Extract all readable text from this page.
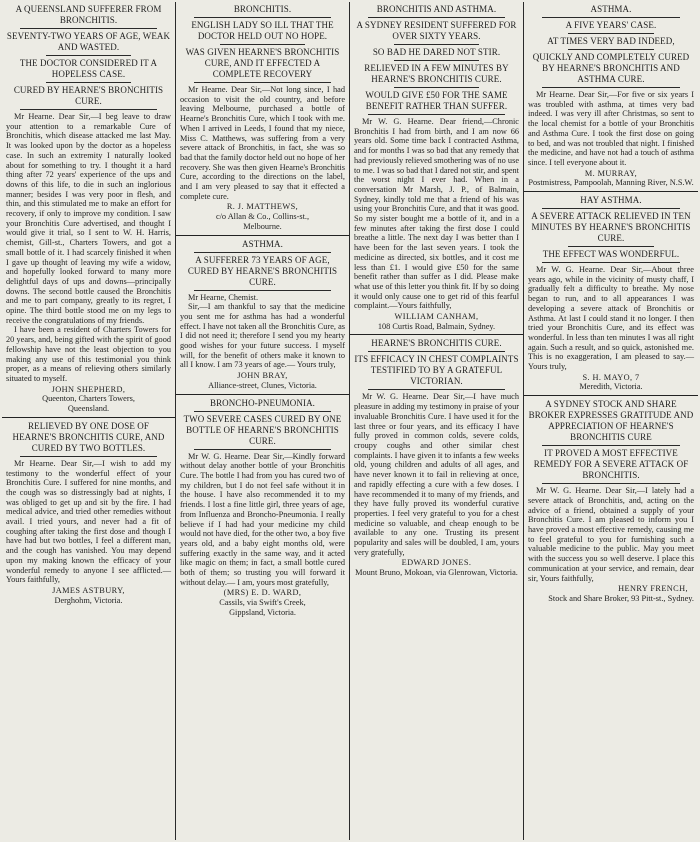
A QUEENSLAND SUFFERER FROM BRONCHITIS.
SEVENTY-TWO YEARS OF AGE, WEAK AND WASTED.
THE DOCTOR CONSIDERED IT A HOPELESS CASE.
CURED BY HEARNE'S BRONCHITIS CURE.

Mr Hearne. Dear Sir,—I beg leave to draw your attention to a remarkable Cure of Bronchitis, which disease attacked me last May. It was looked upon by the doctor as a hopeless case. In such an extremity I naturally looked about for something to try. I thought it a hard thing after 72 years' experience of the ups and downs of this life, to die in such an inglorious manner; besides I was very poor in flesh, and thin, and this stimulated me to make an effort for recovery, if only to improve my condition. I saw your Bronchitis Cure advertised, and thought I would give it trial, so I sent to W. H. Harris, chemist, Gill-st., Charters Towers, and got a small bottle of it. I had scarcely finished it when I gave up thought of leaving my wife a widow, and hopefully looked forward to many more delightful days of ups and downs—principally downs. The second bottle caused the Bronchitis and me to part company, greatly to its regret, I opine. The third bottle stood me on my legs to receive the congratulations of my friends.

I have been a resident of Charters Towers for 20 years, and, being gifted with the spirit of good fellowship have not the least objection to you making any use of this testimonial you think proper, as a means of relieving others similarly situated to myself.

JOHN SHEPHERD,
Queenton, Charters Towers,
Queensland.
RELIEVED BY ONE DOSE OF HEARNE'S BRONCHITIS CURE, AND CURED BY TWO BOTTLES.

Mr Hearne. Dear Sir,—I wish to add my testimony to the wonderful effect of your Bronchitis Cure. I suffered for nine months, and the cough was so distressingly bad at nights, I was obliged to get up and sit by the fire. I had medical advice, and tried other remedies without avail. I tried yours, and never had a fit of coughing after taking the first dose and though I have had but two bottles, I feel a different man, and the cough has vanished. You may depend upon my making known the efficacy of your wonderful remedy to anyone I see afflicted.— Yours faithfully,

JAMES ASTBURY,
Derghohm, Victoria.
BRONCHITIS.
ENGLISH LADY SO ILL THAT THE DOCTOR HELD OUT NO HOPE.
WAS GIVEN HEARNE'S BRONCHITIS CURE, AND IT EFFECTED A COMPLETE RECOVERY

Mr Hearne. Dear Sir,—Not long since, I had occasion to visit the old country, and before leaving Melbourne, purchased a bottle of Hearne's Bronchitis Cure, which I took with me. When I arrived in Leeds, I found that my niece, Miss C. Matthews, was suffering from a very severe attack of Bronchitis, in fact, she was so bad that the family doctor held out no hope of her recovery. She was then given Hearne's Bronchitis Cure, according to the directions on the label, and I am very pleased to say that it effected a complete cure.

R. J. MATTHEWS,
c/o Allan & Co., Collins-st.,
Melbourne.
ASTHMA.
A SUFFERER 73 YEARS OF AGE, CURED BY HEARNE'S BRONCHITIS CURE.

Mr Hearne, Chemist.

Sir,—I am thankful to say that the medicine you sent me for asthma has had a wonderful effect. I have not taken all the Bronchitis Cure, as I did not need it; therefore I send you my hearty good wishes for your future success. I myself will, for the benefit of others make it known to all I know. I am 73 years of age.— Yours truly,

JOHN BRAY,
Alliance-street, Clunes, Victoria.
BRONCHO-PNEUMONIA.
TWO SEVERE CASES CURED BY ONE BOTTLE OF HEARNE'S BRONCHITIS CURE.

Mr W. G. Hearne. Dear Sir,—Kindly forward without delay another bottle of your Bronchitis Cure. The bottle I had from you has cured two of my children, but I do not feel safe without it in the house. I have also recommended it to my friends. I lost a fine little girl, three years of age, from Influenza and Broncho-Pneumonia. I really believe if I had had your medicine my child would not have died, for the other two, a boy five years old, and a baby eight months old, were suffering exactly in the same way, and it acted like magic on them; in fact, a small bottle cured both of them; so trusting you will forward it without delay.— I am, yours most gratefully,

(MRS) E. D. WARD,
Cassils, via Swift's Creek,
Gippsland, Victoria.
BRONCHITIS AND ASTHMA.
A SYDNEY RESIDENT SUFFERED FOR OVER SIXTY YEARS.
SO BAD HE DARED NOT STIR.
RELIEVED IN A FEW MINUTES BY HEARNE'S BRONCHITIS CURE.
WOULD GIVE £50 FOR THE SAME BENEFIT RATHER THAN SUFFER.

Mr W. G. Hearne. Dear friend,—Chronic Bronchitis I had from birth, and I am now 66 years old. Some time back I contracted Asthma, and for months I was so bad that any remedy that had previously relieved smothering was of no use to me. I was so bad that I dared not stir, and spent the worst night I ever had. When in a conversation Mr Marsh, J. P., of Balmain, Sydney, kindly told me that a friend of his was using your Bronchitis Cure, and that it was good. So my sister bought me a bottle of it, and in a few minutes after taking the first dose I could breathe a little. The next day I was better than I have been for the last seven years. I took the medicine as directed, six bottles, and it cost me less than £1. I would give £50 for the same benefit rather than suffer as I did. Please make what use of this letter you think fit. If by so doing it would only cause one to get rid of this fearful complaint.—Yours faithfully,

WILLIAM CANHAM,
108 Curtis Road, Balmain, Sydney.
HEARNE'S BRONCHITIS CURE.
ITS EFFICACY IN CHEST COMPLAINTS TESTIFIED TO BY A GRATEFUL VICTORIAN.

Mr W. G. Hearne. Dear Sir,—I have much pleasure in adding my testimony in praise of your invaluable Bronchitis Cure. I have used it for the last three or four years, and its efficacy I have fully proved in common colds, severe colds, croupy coughs and other similar chest complaints. I have given it to infants a few weeks old, young children and adults of all ages, and have never known it to fail in relieving at once, and rapidly effecting a cure with a few doses. I have recommended it to many of my friends, and they have fully proved its wonderful curative properties. I feel very grateful to you for a chest medicine so valuable, and cheap enough to be available to any one. Trusting its present popularity and sales will be doubled, I am, yours very gratefully,

EDWARD JONES.
Mount Bruno, Mokoan, via Glenrowan, Victoria.
ASTHMA.
A FIVE YEARS' CASE.
AT TIMES VERY BAD INDEED,
QUICKLY AND COMPLETELY CURED BY HEARNE'S BRONCHITIS AND ASTHMA CURE.

Mr Hearne. Dear Sir,—For five or six years I was troubled with asthma, at times very bad indeed. I was very ill after Christmas, so sent to the local chemist for a bottle of your Bronchitis and Asthma Cure. I took the first dose on going to bed, and was not troubled that night. I finished the medicine, and have not had a touch of asthma since. I tell everyone about it.

M. MURRAY,
Postmistress, Pampoolah, Manning River, N.S.W.
HAY ASTHMA.
A SEVERE ATTACK RELIEVED IN TEN MINUTES BY HEARNE'S BRONCHITIS CURE.
THE EFFECT WAS WONDERFUL.

Mr W. G. Hearne. Dear Sir,—About three years ago, while in the vicinity of musty chaff, I gradually felt a difficulty to breathe. My nose began to run, and to all appearances I was developing a severe attack of Bronchitis or Asthma. At last I could stand it no longer. I then tried your Bronchitis Cure, and its effect was wonderful. In less than ten minutes I was all right again. Such a result, and so quick, astonished me. This is no exaggeration, I am pleased to say.— Yours truly,

S. H. MAYO, 7
Meredith, Victoria.
A SYDNEY STOCK AND SHARE BROKER EXPRESSES GRATITUDE AND APPRECIATION OF HEARNE'S BRONCHITIS CURE
IT PROVED A MOST EFFECTIVE REMEDY FOR A SEVERE ATTACK OF BRONCHITIS.

Mr W. G. Hearne. Dear Sir,—I lately had a severe attack of Bronchitis, and, acting on the advice of a friend, obtained a supply of your Bronchitis Cure. I am pleased to inform you I have proved a most effective remedy, causing me to feel grateful to you for furnishing such a valuable medicine to the public. May you meet with the success you so well deserve. I place this communication at your service, and remain, dear sir, Yours faithfully,

HENRY FRENCH,
Stock and Share Broker, 93 Pitt-st., Sydney.
